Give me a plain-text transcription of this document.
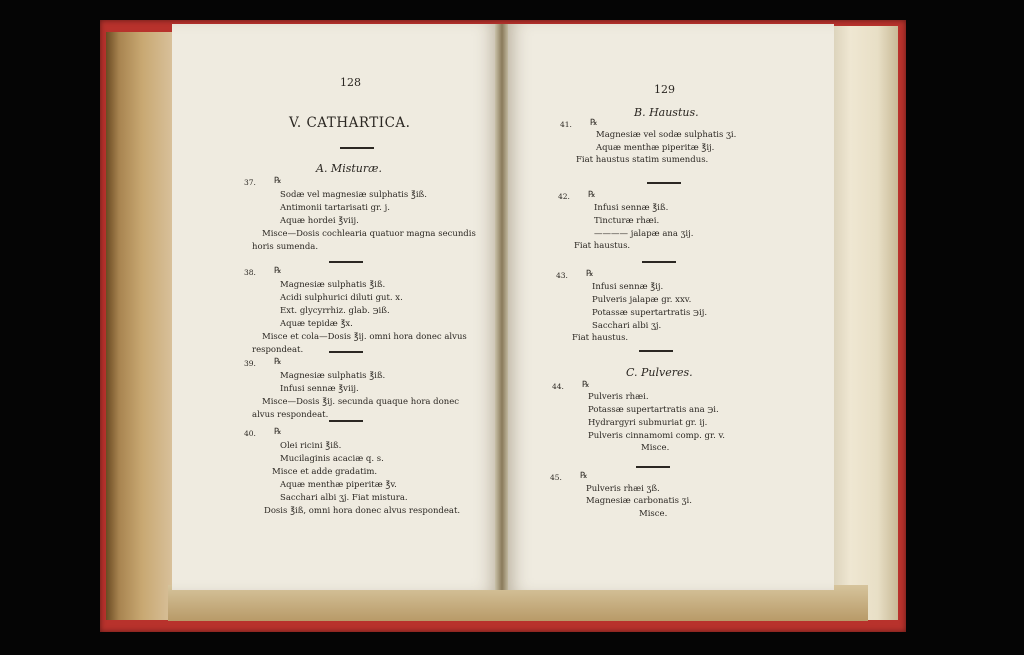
128
V. CATHARTICA.
A. Misturæ.
37. ℞
Sodæ vel magnesiæ sulphatis ℥iß.
Antimonii tartarisati gr. j.
Aquæ hordei ℥viij.
Misce—Dosis cochlearia quatuor magna secundis
horis sumenda.
38. ℞
Magnesiæ sulphatis ℥iß.
Acidi sulphurici diluti gut. x.
Ext. glycyrrhiz. glab. ℈iß.
Aquæ tepidæ ℥x.
Misce et cola—Dosis ℥ij. omni hora donec alvus
respondeat.
39. ℞
Magnesiæ sulphatis ℥iß.
Infusi sennæ ℥viij.
Misce—Dosis ℥ij. secunda quaque hora donec
alvus respondeat.
40. ℞
Olei ricini ℥iß.
Mucilaginis acaciæ q. s.
Misce et adde gradatim.
Aquæ menthæ piperitæ ℥v.
Sacchari albi ʒj. Fiat mistura.
Dosis ℥iß, omni hora donec alvus respondeat.
129
B. Haustus.
41. ℞
Magnesiæ vel sodæ sulphatis ʒi.
Aquæ menthæ piperitæ ℥ij.
Fiat haustus statim sumendus.
42. ℞
Infusi sennæ ℥iß.
Tincturæ rhæi.
———— jalapæ ana ʒij.
Fiat haustus.
43. ℞
Infusi sennæ ℥ij.
Pulveris jalapæ gr. xxv.
Potassæ supertartratis ℈ij.
Sacchari albi ʒj.
Fiat haustus.
C. Pulveres.
44. ℞
Pulveris rhæi.
Potassæ supertartratis ana ℈i.
Hydrargyri submuriat gr. ij.
Pulveris cinnamomi comp. gr. v.
Misce.
45. ℞
Pulveris rhæi ʒß.
Magnesiæ carbonatis ʒi.
Misce.
